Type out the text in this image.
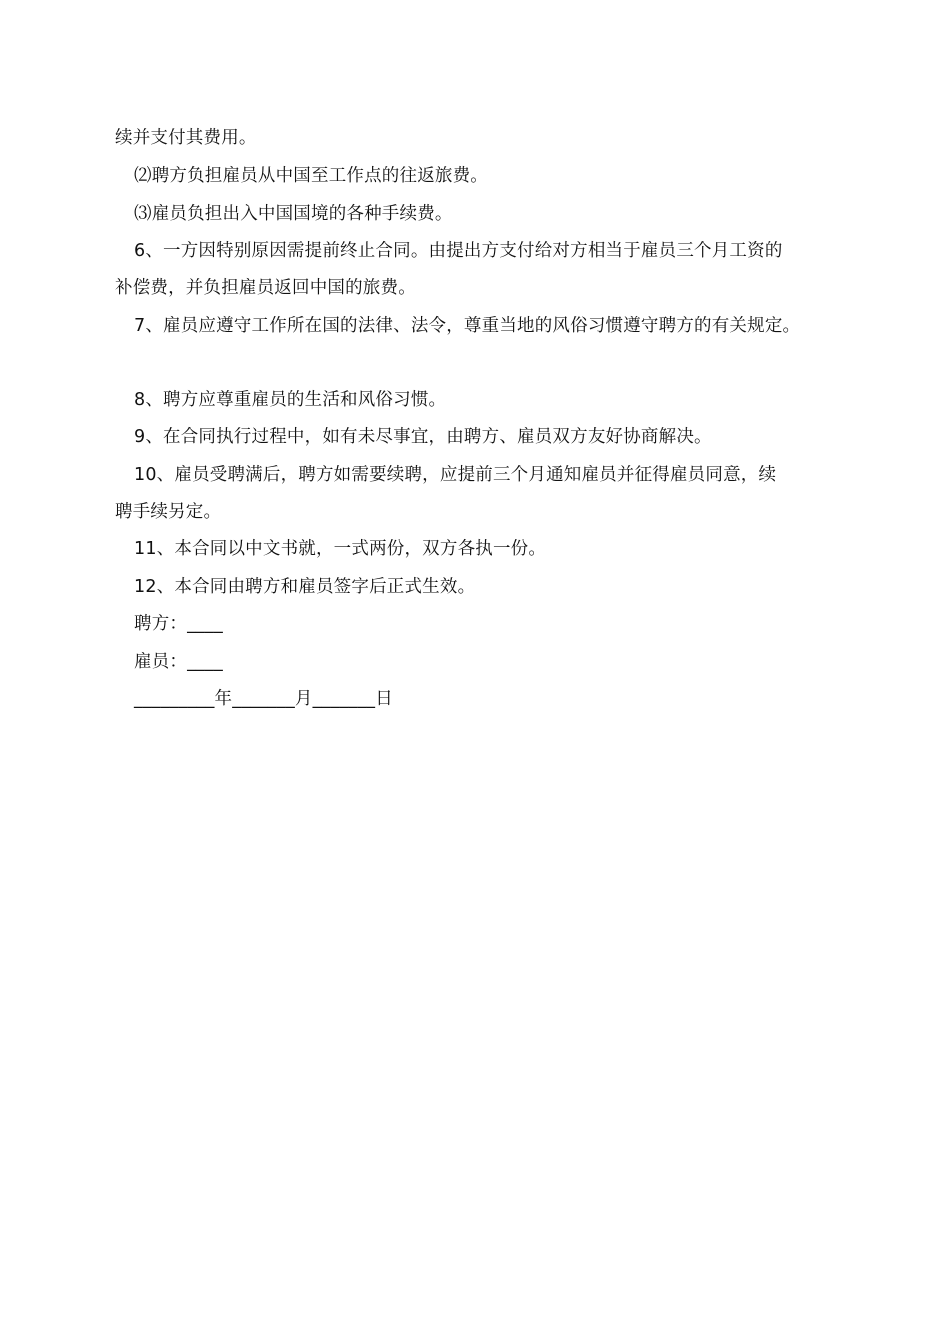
续并支付其费用。
⑵聘方负担雇员从中国至工作点的往返旅费。
⑶雇员负担出入中国国境的各种手续费。
6、一方因特别原因需提前终止合同。由提出方支付给对方相当于雇员三个月工资的
补偿费，并负担雇员返回中国的旅费。
7、雇员应遵守工作所在国的法律、法令，尊重当地的风俗习惯遵守聘方的有关规定。
8、聘方应尊重雇员的生活和风俗习惯。
9、在合同执行过程中，如有未尽事宜，由聘方、雇员双方友好协商解决。
10、雇员受聘满后，聘方如需要续聘，应提前三个月通知雇员并征得雇员同意，续
聘手续另定。
11、本合同以中文书就，一式两份，双方各执一份。
12、本合同由聘方和雇员签字后正式生效。
聘方：____
雇员：____
_________年_______月_______日
